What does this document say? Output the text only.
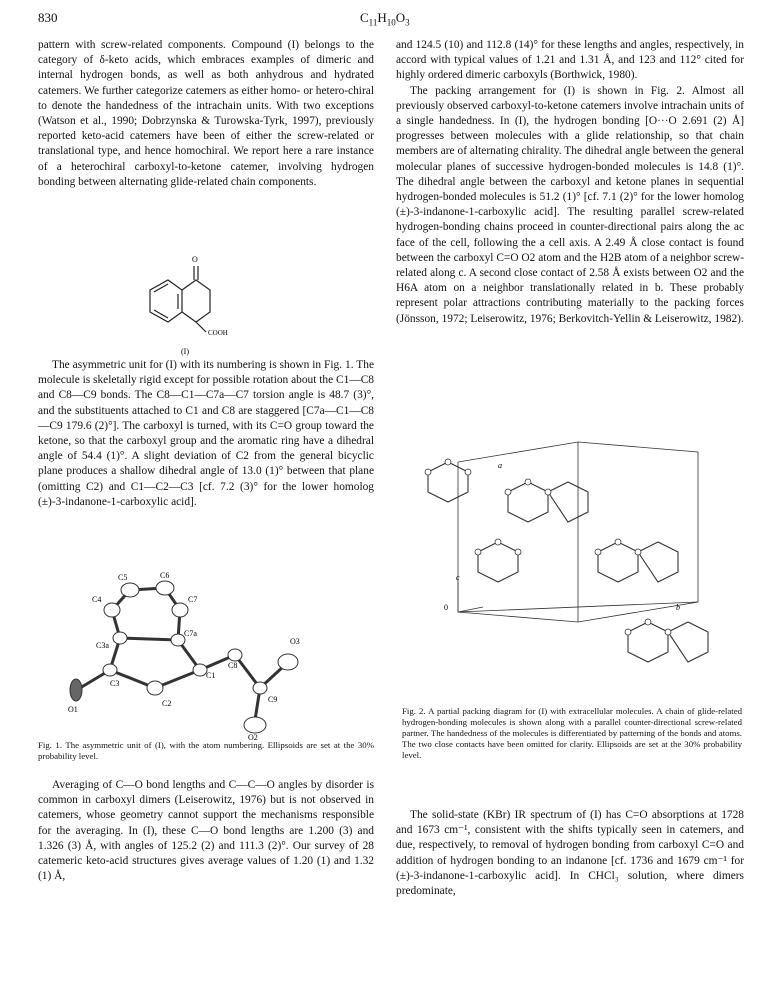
830	$C_{11}H_{10}O_3$

pattern with screw-related components. Compound (I) belongs to the category of δ-keto acids, which embraces examples of dimeric and internal hydrogen bonds, as well as both anhydrous and hydrated catemers. We further categorize catemers as either homo- or hetero-chiral to denote the handedness of the intrachain units. With two exceptions (Watson et al., 1990; Dobrzynska & Turowska-Tyrk, 1997), previously reported keto-acid catemers have been of either the screw-related or translational type, and hence homochiral. We report here a rare instance of a heterochiral carboxyl-to-ketone catemer, involving hydrogen bonding between alternating glide-related chain components.

O
COOH
(I)

The asymmetric unit for (I) with its numbering is shown in Fig. 1. The molecule is skeletally rigid except for possible rotation about the C1—C8 and C8—C9 bonds. The C8—C1—C7a—C7 torsion angle is 48.7 (3)°, and the substituents attached to C1 and C8 are staggered [C7a—C1—C8—C9 179.6 (2)°]. The carboxyl is turned, with its C=O group toward the ketone, so that the carboxyl group and the aromatic ring have a dihedral angle of 54.4 (1)°. A slight deviation of C2 from the general bicyclic plane produces a shallow dihedral angle of 13.0 (1)° between that plane (omitting C2) and C1—C2—C3 [cf. 7.2 (3)° for the lower homolog (±)-3-indanone-1-carboxylic acid].

C5	C6
C4	C7
C7a
O3
C3a
C8
C1
C3
C9
O1
C2
O2
Fig. 1. The asymmetric unit of (I), with the atom numbering. Ellipsoids are set at the 30% probability level.

Averaging of C—O bond lengths and C—C—O angles by disorder is common in carboxyl dimers (Leiserowitz, 1976) but is not observed in catemers, whose geometry cannot support the mechanisms responsible for the averaging. In (I), these C—O bond lengths are 1.200 (3) and 1.326 (3) Å, with angles of 125.2 (2) and 111.3 (2)°. Our survey of 28 catemeric keto-acid structures gives average values of 1.20 (1) and 1.32 (1) Å,

and 124.5 (10) and 112.8 (14)° for these lengths and angles, respectively, in accord with typical values of 1.21 and 1.31 Å, and 123 and 112° cited for highly ordered dimeric carboxyls (Borthwick, 1980).

The packing arrangement for (I) is shown in Fig. 2. Almost all previously observed carboxyl-to-ketone catemers involve intrachain units of a single handedness. In (I), the hydrogen bonding [O···O 2.691 (2) Å] progresses between molecules with a glide relationship, so that chain members are of alternating chirality. The dihedral angle between the general molecular planes of successive hydrogen-bonded molecules is 14.8 (1)°. The dihedral angle between the carboxyl and ketone planes in sequential hydrogen-bonded molecules is 51.2 (1)° [cf. 7.1 (2)° for the lower homolog (±)-3-indanone-1-carboxylic acid]. The resulting parallel screw-related hydrogen-bonding chains proceed in counter-directional pairs along the ac face of the cell, following the a cell axis. A 2.49 Å close contact is found between the carboxyl C=O O2 atom and the H2B atom of a neighbor screw-related along c. A second close contact of 2.58 Å exists between O2 and the H6A atom on a neighbor translationally related in b. These probably represent polar attractions contributing materially to the packing forces (Jönsson, 1972; Leiserowitz, 1976; Berkovitch-Yellin & Leiserowitz, 1982).

a
b
c
0
Fig. 2. A partial packing diagram for (I) with extracellular molecules. A chain of glide-related hydrogen-bonding molecules is shown along with a parallel counter-directional screw-related partner. The handedness of the molecules is differentiated by patterning of the bonds and atoms. The two close contacts have been omitted for clarity. Ellipsoids are set at the 30% probability level.

The solid-state (KBr) IR spectrum of (I) has C=O absorptions at 1728 and 1673 cm⁻¹, consistent with the shifts typically seen in catemers, and due, respectively, to removal of hydrogen bonding from carboxyl C=O and addition of hydrogen bonding to an indanone [cf. 1736 and 1679 cm⁻¹ for (±)-3-indanone-1-carboxylic acid]. In CHCl₃ solution, where dimers predominate,
